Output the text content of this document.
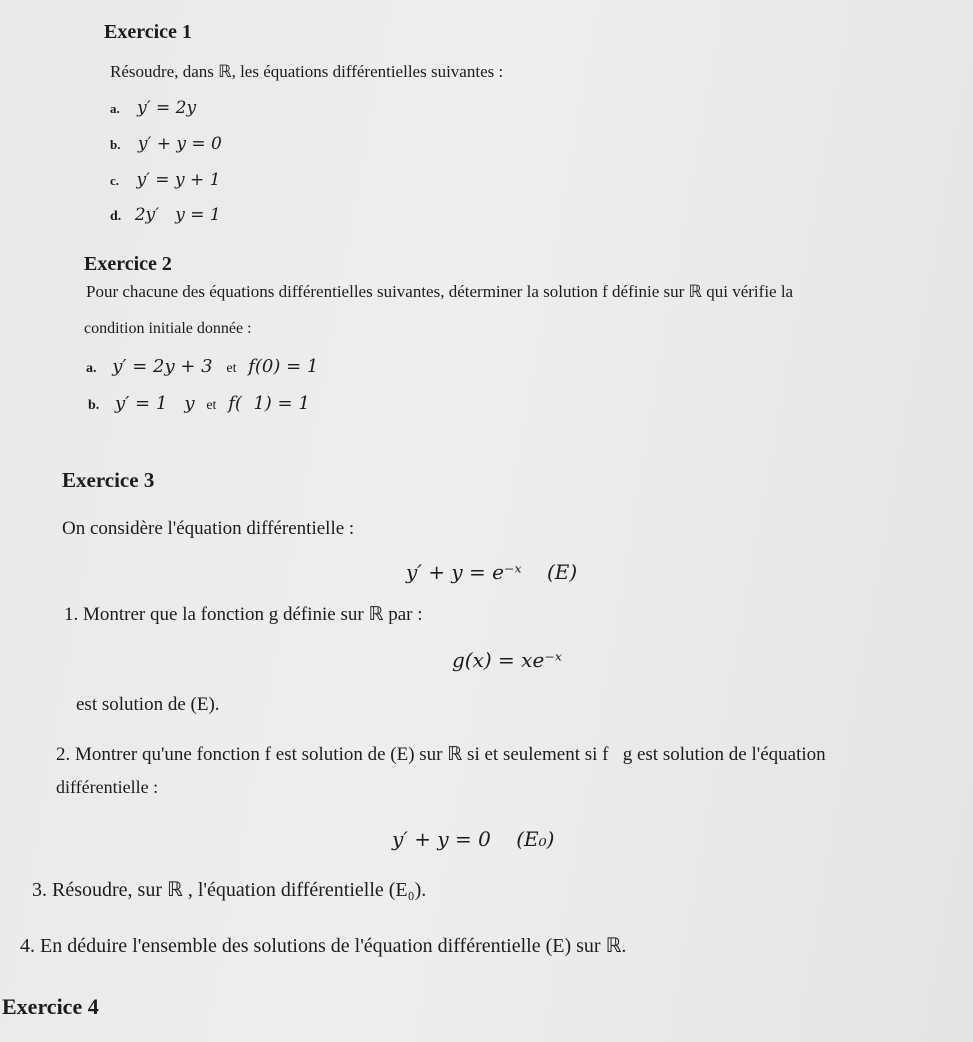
Exercice 1
Résoudre, dans ℝ, les équations différentielles suivantes :
a. y′ = 2y
b. y′ + y = 0
c. y′ = y + 1
d. 2y′   y = 1
Exercice 2
Pour chacune des équations différentielles suivantes, déterminer la solution f définie sur ℝ qui vérifie la
condition initiale donnée :
a. y′ = 2y + 3 et f(0) = 1
b. y′ = 1   y et f(  1) = 1
Exercice 3
On considère l'équation différentielle :
y′ + y = e⁻ˣ    (E)
1. Montrer que la fonction g définie sur ℝ par :
g(x) = xe⁻ˣ
est solution de (E).
2. Montrer qu'une fonction f est solution de (E) sur ℝ si et seulement si f   g est solution de l'équation
différentielle :
y′ + y = 0    (E₀)
3. Résoudre, sur ℝ , l'équation différentielle (E₀).
4. En déduire l'ensemble des solutions de l'équation différentielle (E) sur ℝ.
Exercice 4
